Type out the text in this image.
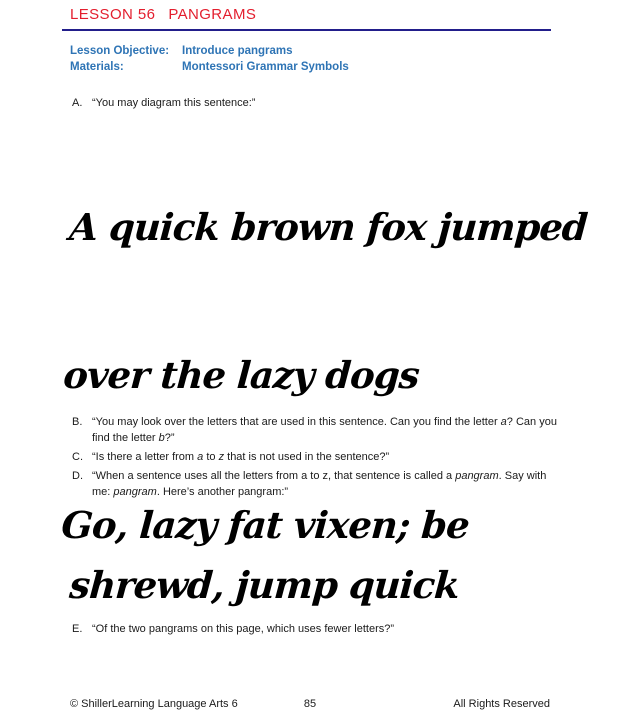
LESSON 56 PANGRAMS
Lesson Objective:	Introduce pangrams
Materials:	Montessori Grammar Symbols
A. “You may diagram this sentence:”
A quick brown fox jumped
over the lazy dogs
B. “You may look over the letters that are used in this sentence. Can you find the letter a? Can you find the letter b?”
C. “Is there a letter from a to z that is not used in the sentence?”
D. “When a sentence uses all the letters from a to z, that sentence is called a pangram. Say with me: pangram. Here’s another pangram:”
Go, lazy fat vixen; be
shrewd, jump quick
E. “Of the two pangrams on this page, which uses fewer letters?”
© ShillerLearning Language Arts 6	85	All Rights Reserved
